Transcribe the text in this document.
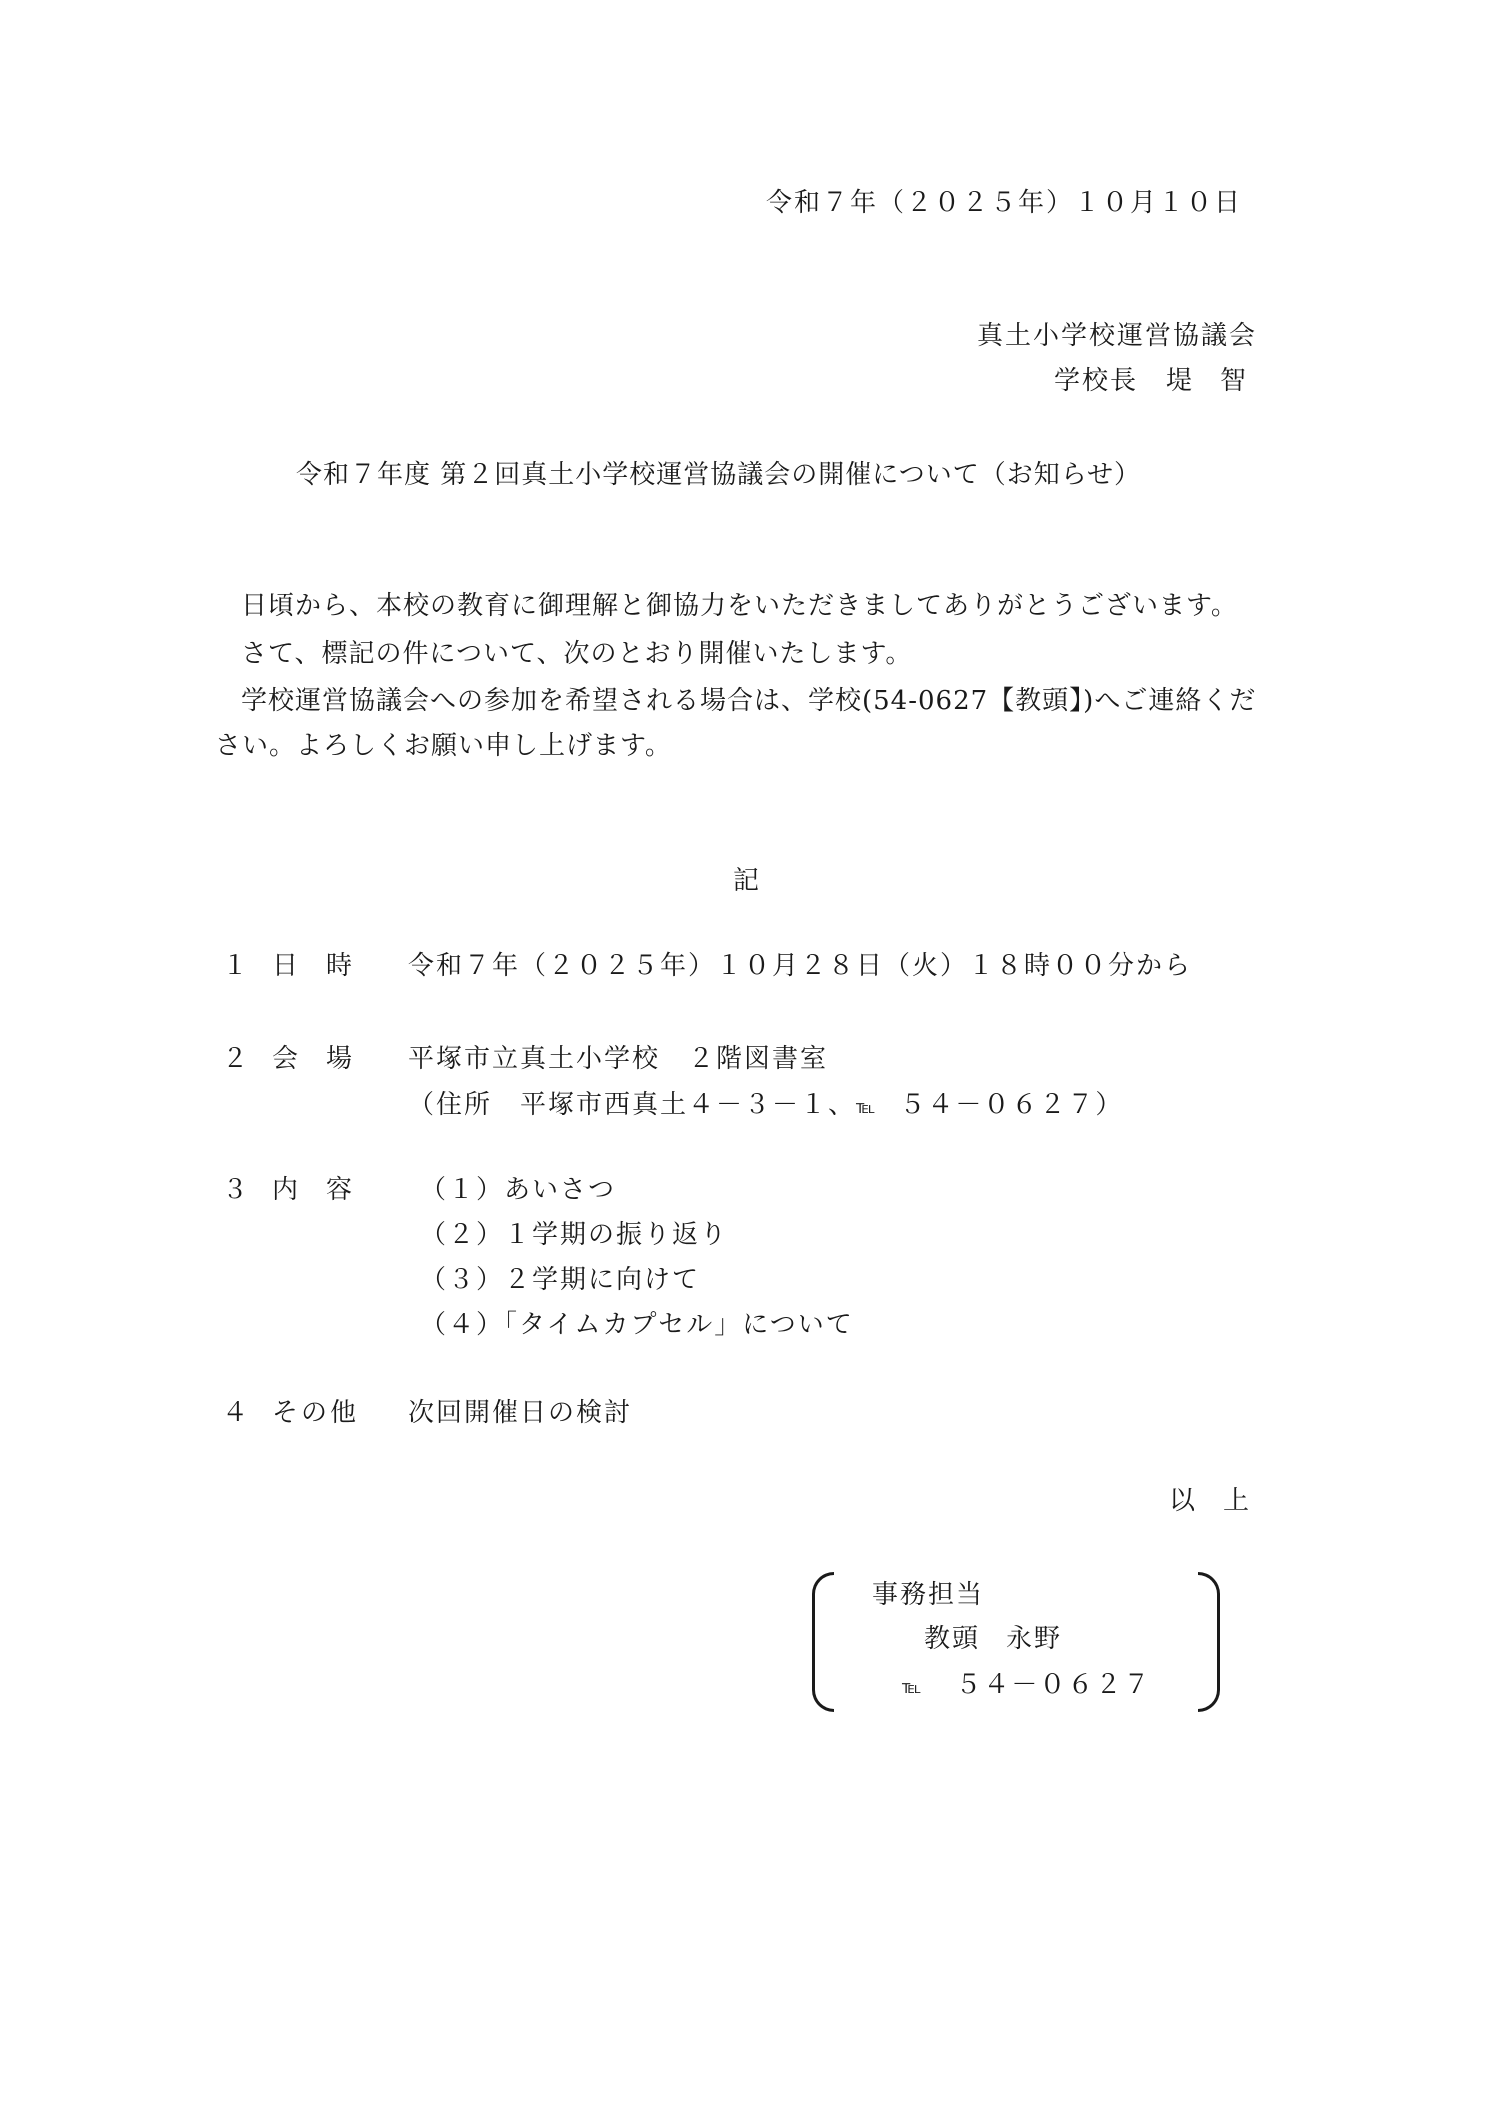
令和７年（２０２５年）１０月１０日
真土小学校運営協議会
学校長 堤 智
令和７年度 第２回真土小学校運営協議会の開催について（お知らせ）
日頃から、本校の教育に御理解と御協力をいただきましてありがとうございます。
さて、標記の件について、次のとおり開催いたします。
学校運営協議会への参加を希望される場合は、学校(54-0627【教頭】)へご連絡くだ
さい。よろしくお願い申し上げます。
記
１ 日時 令和７年（２０２５年）１０月２８日（火）１８時００分から
２ 会場 平塚市立真土小学校　２階図書室
（住所　平塚市西真土４－３－１、℡ ５４－０６２７）
３ 内容 （１）あいさつ
（２）１学期の振り返り
（３）２学期に向けて
（４）「タイムカプセル」について
４ その他 次回開催日の検討
以上
事務担当
教頭 永野
℡ ５４－０６２７
